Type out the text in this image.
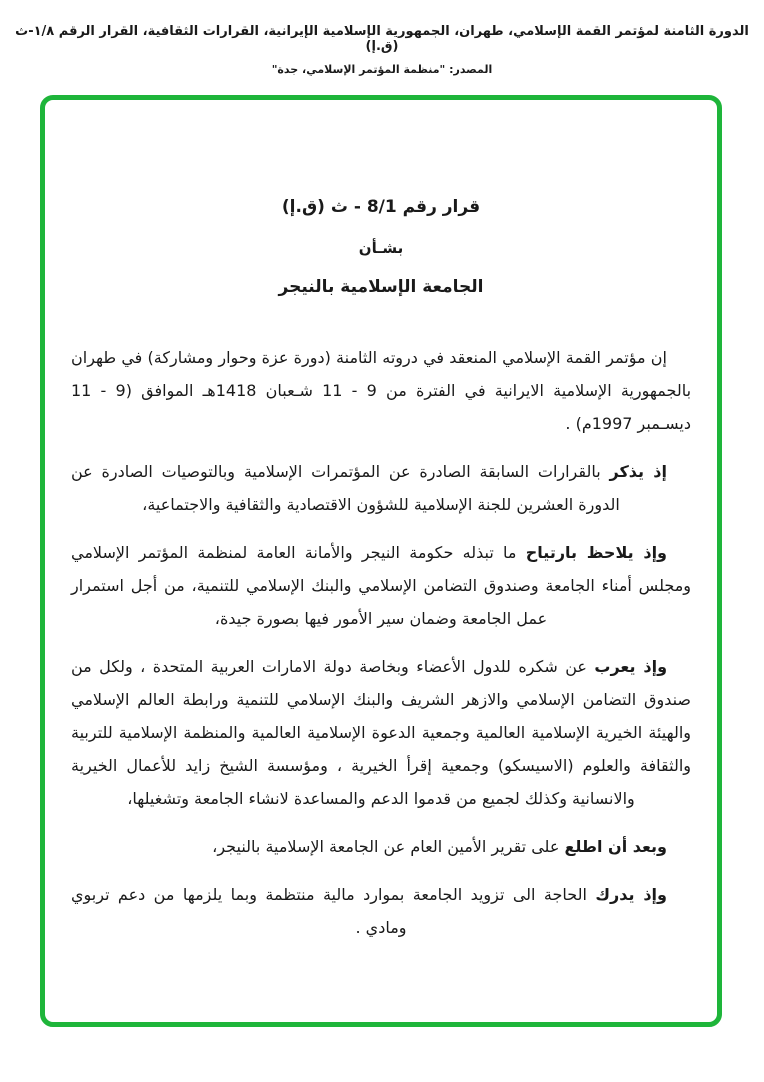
الدورة الثامنة لمؤتمر القمة الإسلامي، طهران، الجمهورية الإسلامية الإيرانية، القرارات الثقافية، القرار الرقم ١/٨-ث (ق.إ)
المصدر: "منظمة المؤتمر الإسلامي، جدة"
قرار رقم 8/1 - ث (ق.إ)
بشـأن
الجامعة الإسلامية بالنيجر

إن مؤتمر القمة الإسلامي المنعقد في دروته الثامنة (دورة عزة وحوار ومشاركة) في طهران بالجمهورية الإسلامية الايرانية في الفترة من 9 - 11 شـعبان 1418هـ الموافق (9 - 11 ديسـمبر 1997م) .

إذ يذكر بالقرارات السابقة الصادرة عن المؤتمرات الإسلامية وبالتوصيات الصادرة عن الدورة العشرين للجنة الإسلامية للشؤون الاقتصادية والثقافية والاجتماعية،

وإذ يلاحظ بارتياح ما تبذله حكومة النيجر والأمانة العامة لمنظمة المؤتمر الإسلامي ومجلس أمناء الجامعة وصندوق التضامن الإسلامي والبنك الإسلامي للتنمية، من أجل استمرار عمل الجامعة وضمان سير الأمور فيها بصورة جيدة،

وإذ يعرب عن شكره للدول الأعضاء وبخاصة دولة الامارات العربية المتحدة ، ولكل من صندوق التضامن الإسلامي والازهر الشريف والبنك الإسلامي للتنمية ورابطة العالم الإسلامي والهيئة الخيرية الإسلامية العالمية وجمعية الدعوة الإسلامية العالمية والمنظمة الإسلامية للتربية والثقافة والعلوم (الاسيسكو) وجمعية إقرأ الخيرية ، ومؤسسة الشيخ زايد للأعمال الخيرية والانسانية وكذلك لجميع من قدموا الدعم والمساعدة لانشاء الجامعة وتشغيلها،

وبعد أن اطلع على تقرير الأمين العام عن الجامعة الإسلامية بالنيجر،

وإذ يدرك الحاجة الى تزويد الجامعة بموارد مالية منتظمة وبما يلزمها من دعم تربوي ومادي .
